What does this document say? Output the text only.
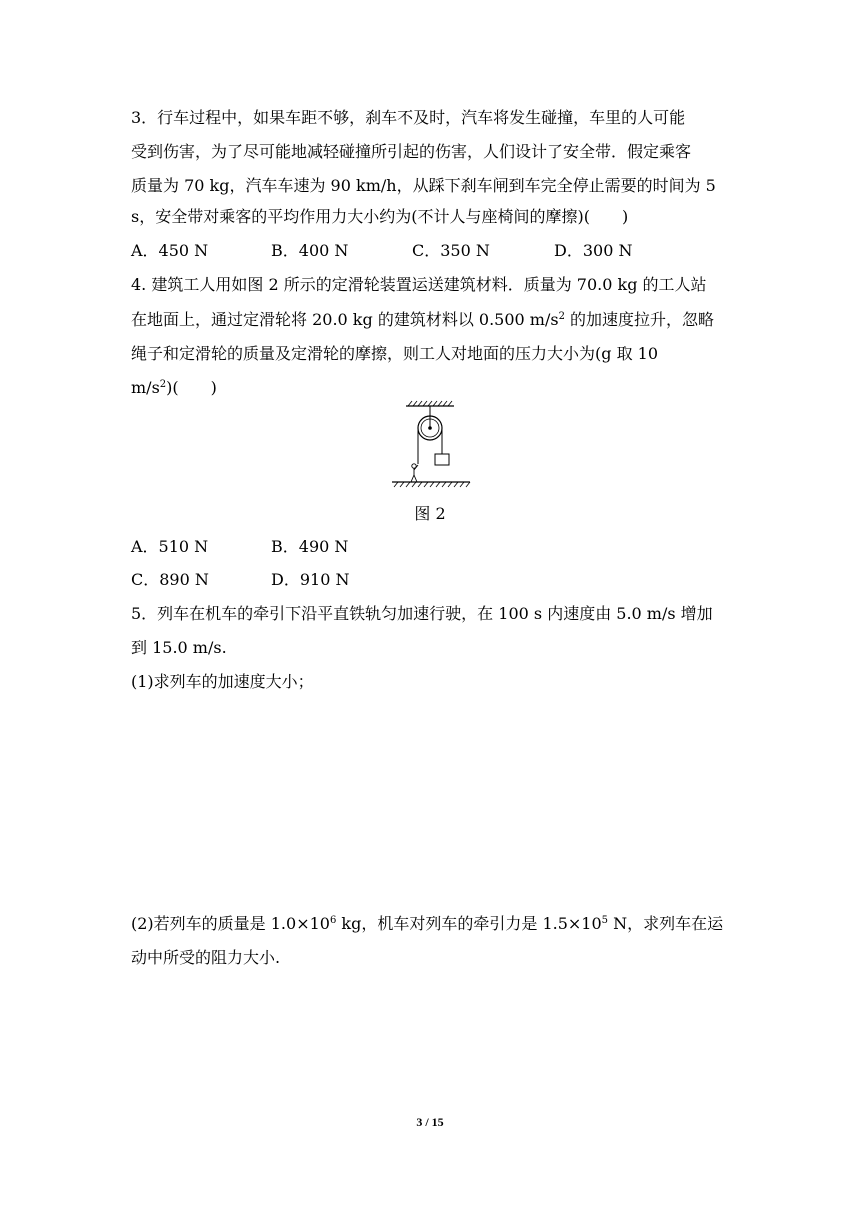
3．行车过程中，如果车距不够，刹车不及时，汽车将发生碰撞，车里的人可能
受到伤害，为了尽可能地减轻碰撞所引起的伤害，人们设计了安全带．假定乘客
质量为 70 kg，汽车车速为 90 km/h，从踩下刹车闸到车完全停止需要的时间为 5
s，安全带对乘客的平均作用力大小约为(不计人与座椅间的摩擦)(　　)
A．450 N	B．400 N	C．350 N	D．300 N
4. 建筑工人用如图 2 所示的定滑轮装置运送建筑材料．质量为 70.0 kg 的工人站
在地面上，通过定滑轮将 20.0 kg 的建筑材料以 0.500 $m/s^2$ 的加速度拉升，忽略
绳子和定滑轮的质量及定滑轮的摩擦，则工人对地面的压力大小为(g 取 10
$m/s^2$)(　　)
图 2
A．510 N	B．490 N
C．890 N	D．910 N
5．列车在机车的牵引下沿平直铁轨匀加速行驶，在 100 s 内速度由 5.0 m/s 增加
到 15.0 m/s.
(1)求列车的加速度大小；
(2)若列车的质量是 $1.0\times 10^6$ kg，机车对列车的牵引力是 $1.5\times 10^5$ N，求列车在运
动中所受的阻力大小.
3 / 15
